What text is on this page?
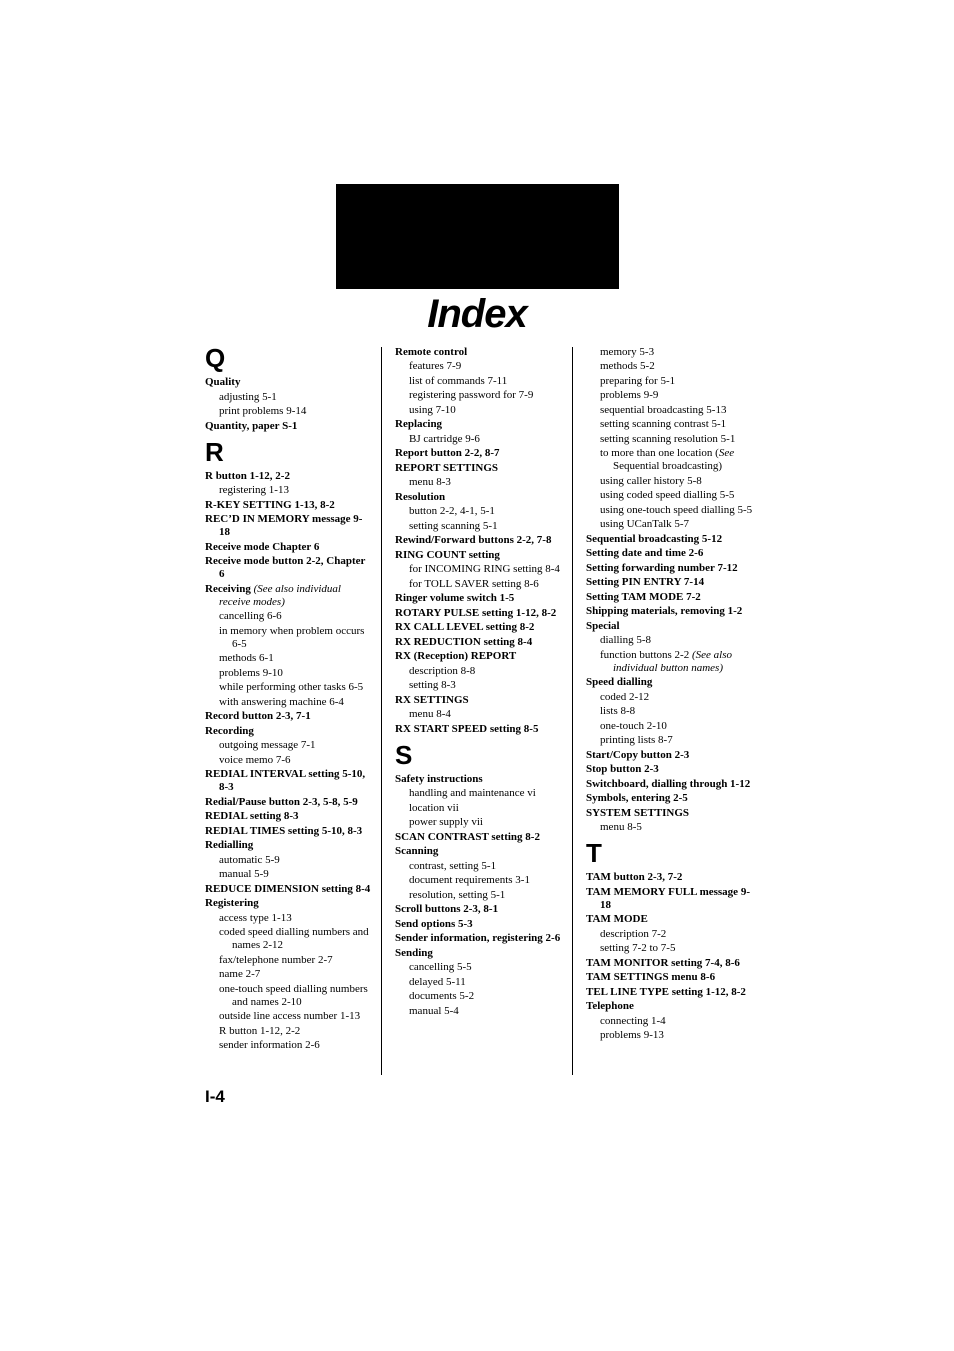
Index
Q
Quality
adjusting 5-1
print problems 9-14
Quantity, paper S-1
R
R button 1-12, 2-2
registering 1-13
R-KEY SETTING 1-13, 8-2
REC’D IN MEMORY message 9-18
Receive mode Chapter 6
Receive mode button 2-2, Chapter 6
Receiving (See also individual receive modes)
cancelling 6-6
in memory when problem occurs 6-5
methods 6-1
problems 9-10
while performing other tasks 6-5
with answering machine 6-4
Record button 2-3, 7-1
Recording
outgoing message 7-1
voice memo 7-6
REDIAL INTERVAL setting 5-10, 8-3
Redial/Pause button 2-3, 5-8, 5-9
REDIAL setting 8-3
REDIAL TIMES setting 5-10, 8-3
Redialling
automatic 5-9
manual 5-9
REDUCE DIMENSION setting 8-4
Registering
access type 1-13
coded speed dialling numbers and names 2-12
fax/telephone number 2-7
name 2-7
one-touch speed dialling numbers and names 2-10
outside line access number 1-13
R button 1-12, 2-2
sender information 2-6
Remote control
features 7-9
list of commands 7-11
registering password for 7-9
using 7-10
Replacing
BJ cartridge 9-6
Report button 2-2, 8-7
REPORT SETTINGS
menu 8-3
Resolution
button 2-2, 4-1, 5-1
setting scanning 5-1
Rewind/Forward buttons 2-2, 7-8
RING COUNT setting
for INCOMING RING setting 8-4
for TOLL SAVER setting 8-6
Ringer volume switch 1-5
ROTARY PULSE setting 1-12, 8-2
RX CALL LEVEL setting 8-2
RX REDUCTION setting 8-4
RX (Reception) REPORT
description 8-8
setting 8-3
RX SETTINGS
menu 8-4
RX START SPEED setting 8-5
S
Safety instructions
handling and maintenance vi
location vii
power supply vii
SCAN CONTRAST setting 8-2
Scanning
contrast, setting 5-1
document requirements 3-1
resolution, setting 5-1
Scroll buttons 2-3, 8-1
Send options 5-3
Sender information, registering 2-6
Sending
cancelling 5-5
delayed 5-11
documents 5-2
manual 5-4
memory 5-3
methods 5-2
preparing for 5-1
problems 9-9
sequential broadcasting 5-13
setting scanning contrast 5-1
setting scanning resolution 5-1
to more than one location (See Sequential broadcasting)
using caller history 5-8
using coded speed dialling 5-5
using one-touch speed dialling 5-5
using UCanTalk 5-7
Sequential broadcasting 5-12
Setting date and time 2-6
Setting forwarding number 7-12
Setting PIN ENTRY 7-14
Setting TAM MODE 7-2
Shipping materials, removing 1-2
Special
dialling 5-8
function buttons 2-2 (See also individual button names)
Speed dialling
coded 2-12
lists 8-8
one-touch 2-10
printing lists 8-7
Start/Copy button 2-3
Stop button 2-3
Switchboard, dialling through 1-12
Symbols, entering 2-5
SYSTEM SETTINGS
menu 8-5
T
TAM button 2-3, 7-2
TAM MEMORY FULL message 9-18
TAM MODE
description 7-2
setting 7-2 to 7-5
TAM MONITOR setting 7-4, 8-6
TAM SETTINGS menu 8-6
TEL LINE TYPE setting 1-12, 8-2
Telephone
connecting 1-4
problems 9-13
I-4
